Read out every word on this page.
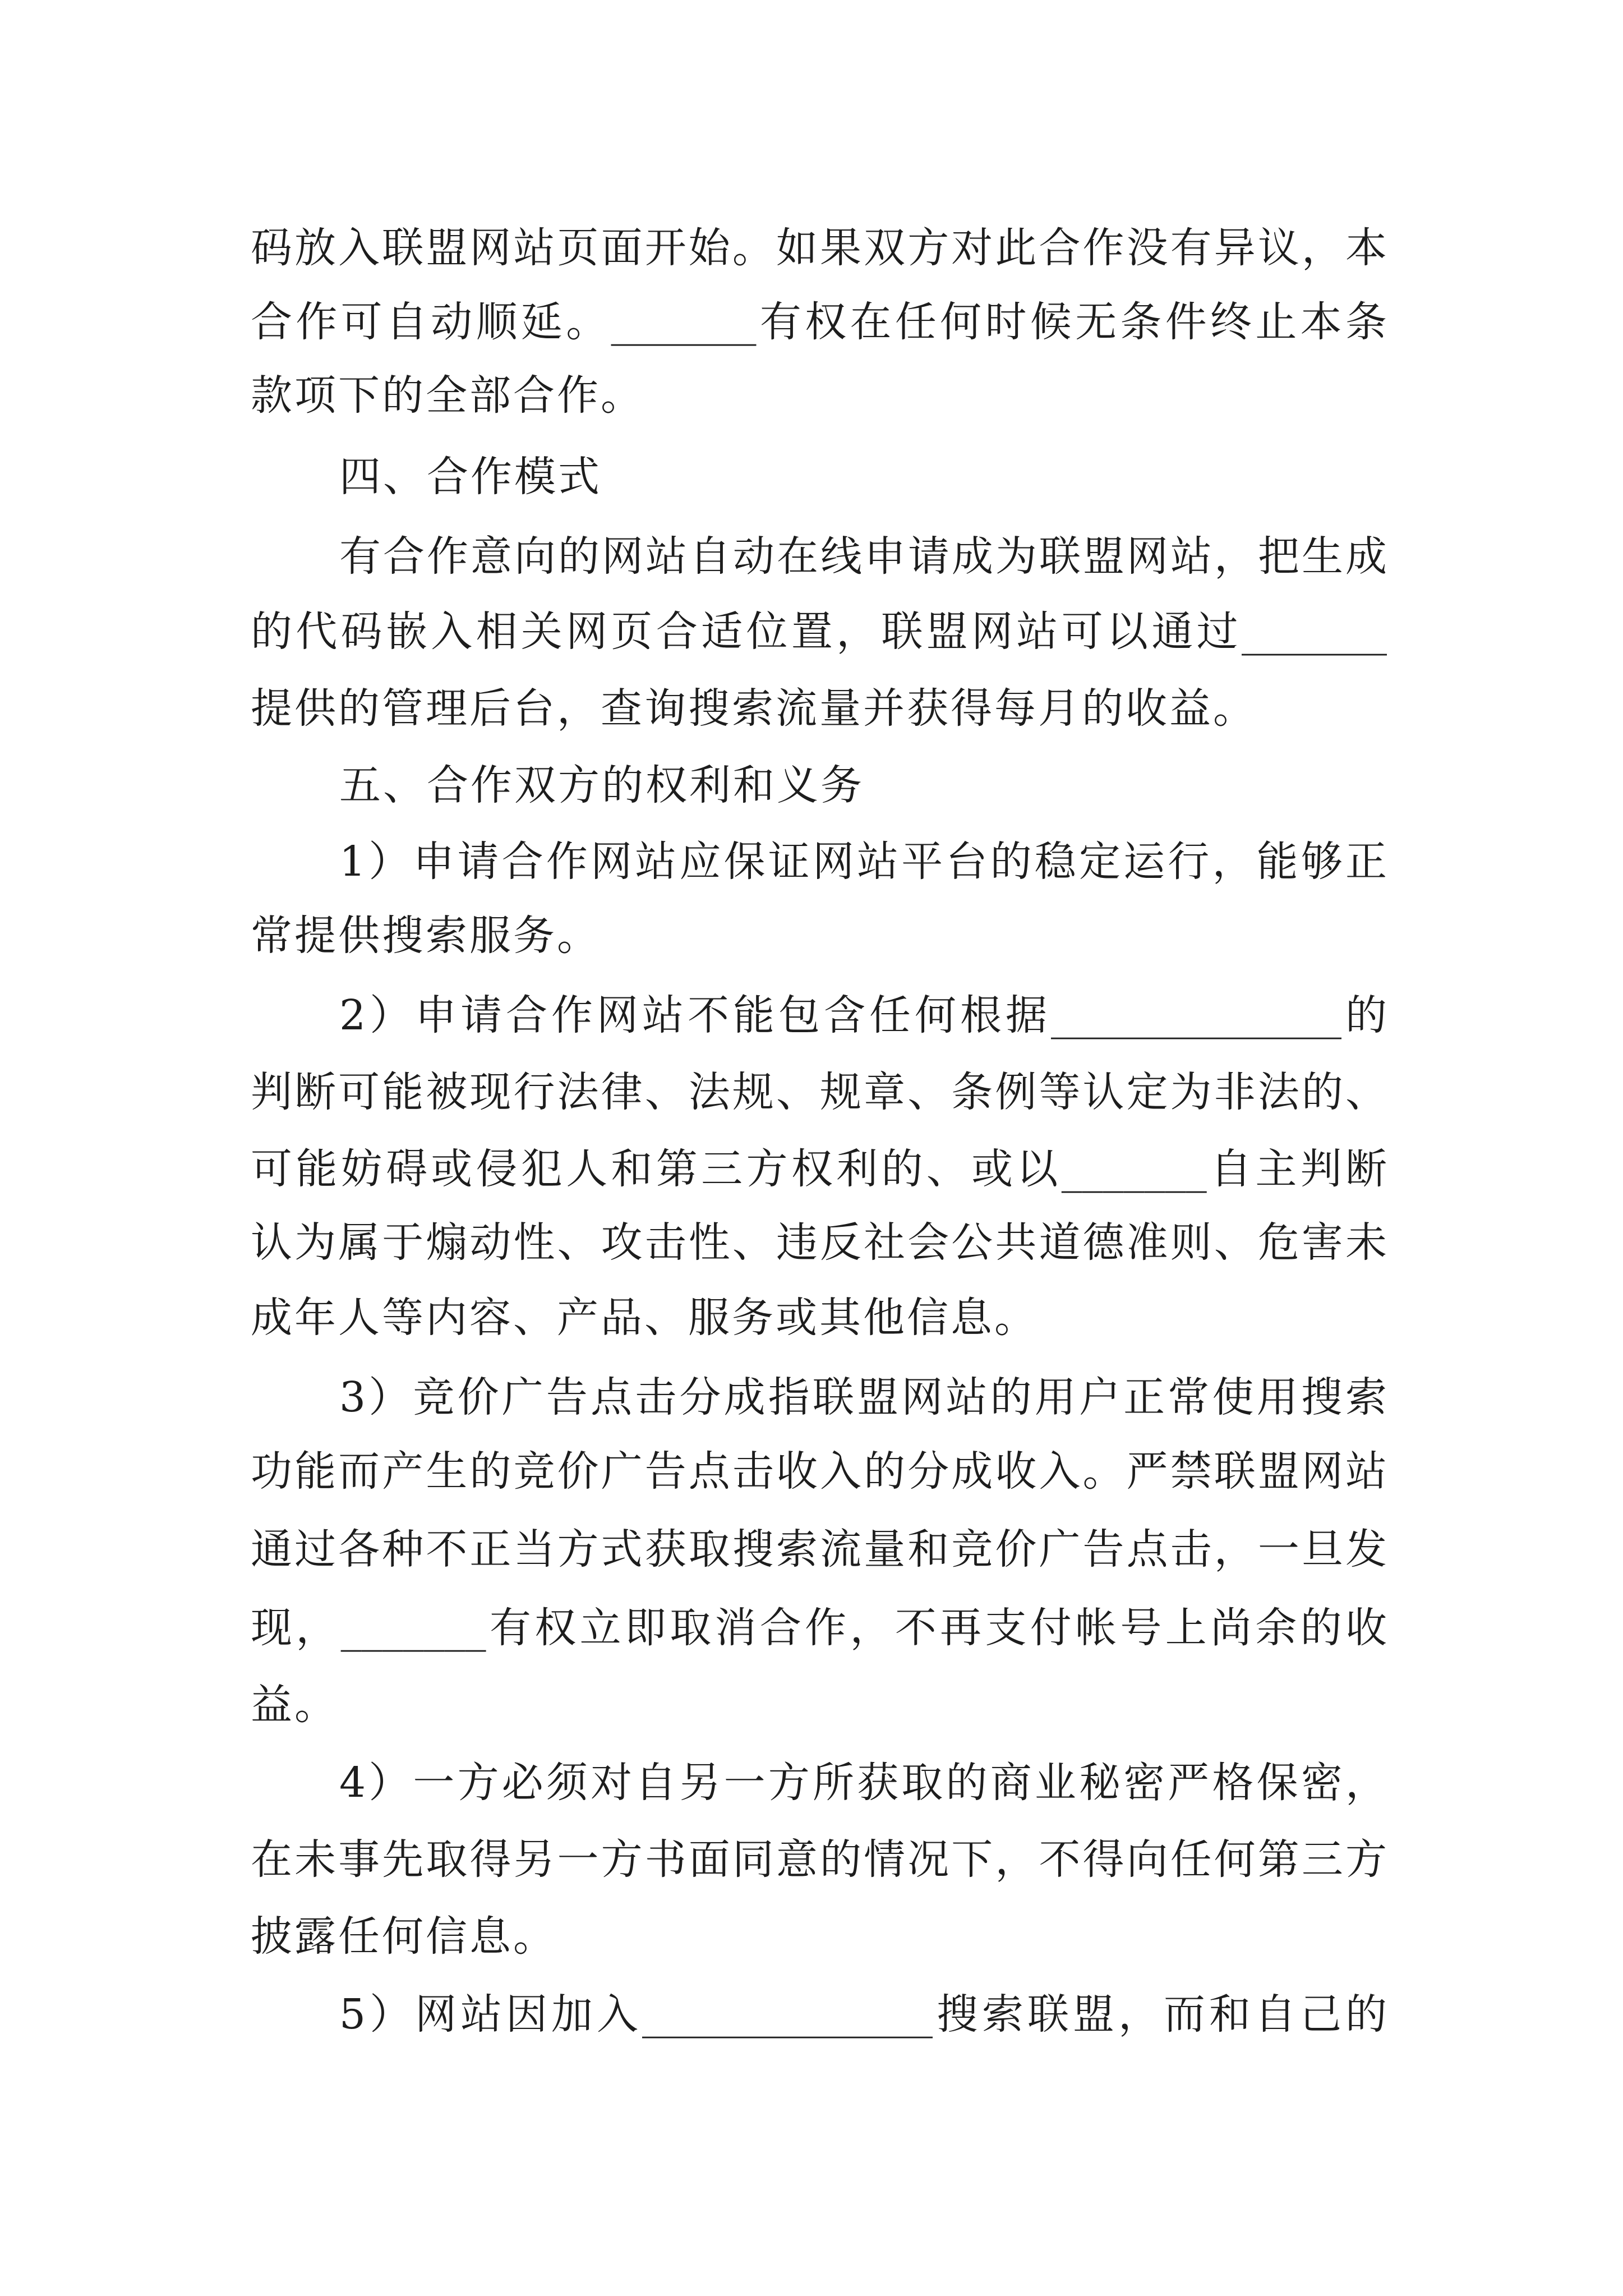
码放入联盟网站页面开始。如果双方对此合作没有异议，本
合作可自动顺延。_______有权在任何时候无条件终止本条
款项下的全部合作。
四、合作模式
有合作意向的网站自动在线申请成为联盟网站，把生成
的代码嵌入相关网页合适位置，联盟网站可以通过_______
提供的管理后台，查询搜索流量并获得每月的收益。
五、合作双方的权利和义务
1）申请合作网站应保证网站平台的稳定运行，能够正
常提供搜索服务。
2）申请合作网站不能包含任何根据______________的
判断可能被现行法律、法规、规章、条例等认定为非法的、
可能妨碍或侵犯人和第三方权利的、或以_______自主判断
认为属于煽动性、攻击性、违反社会公共道德准则、危害未
成年人等内容、产品、服务或其他信息。
3）竞价广告点击分成指联盟网站的用户正常使用搜索
功能而产生的竞价广告点击收入的分成收入。严禁联盟网站
通过各种不正当方式获取搜索流量和竞价广告点击，一旦发
现，_______有权立即取消合作，不再支付帐号上尚余的收
益。
4）一方必须对自另一方所获取的商业秘密严格保密，
在未事先取得另一方书面同意的情况下，不得向任何第三方
披露任何信息。
5）网站因加入______________搜索联盟，而和自己的
